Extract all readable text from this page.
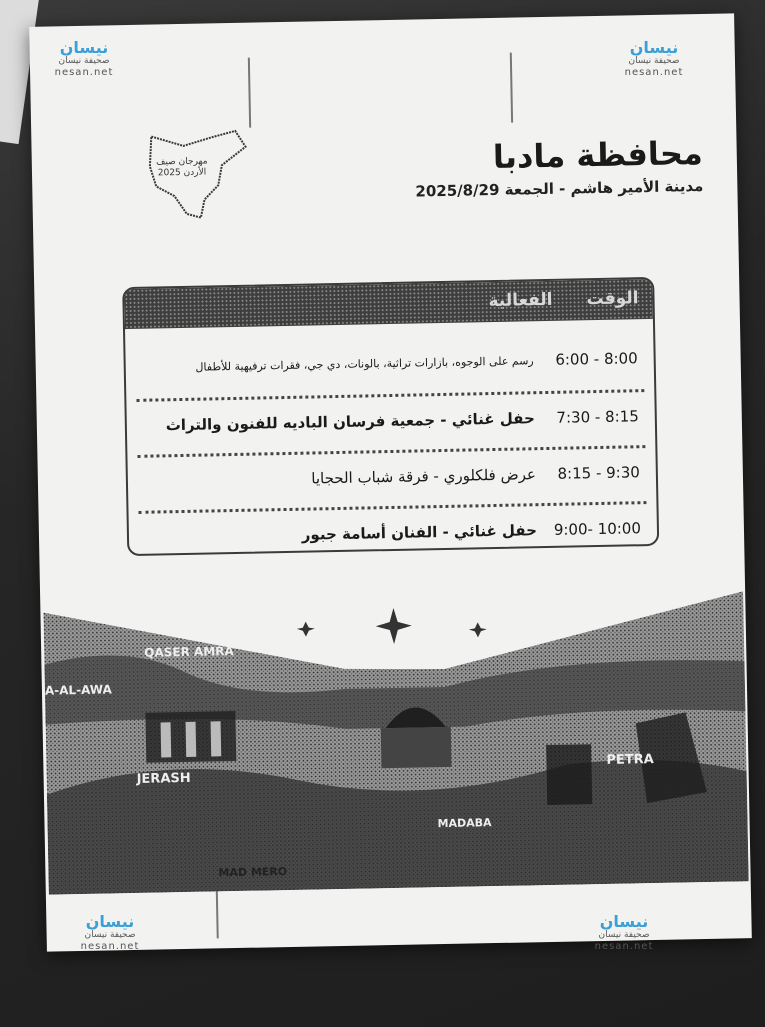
مهرجان صيف الأردن 2025	محافظة مادبا
مدينة الأمير هاشم - الجمعة 2025/8/29
الوقت
الفعالية
6:00 - 8:00
رسم على الوجوه، بازارات تراثية، بالونات، دي جي، فقرات ترفيهية للأطفال
7:30 - 8:15
حفل غنائي - جمعية فرسان الباديه للفنون والتراث
8:15 - 9:30
عرض فلكلوري - فرقة شباب الحجايا
9:00- 10:00
حفل غنائي - الفنان أسامة جبور
QASER AMRA
A-AL-AWA
JERASH
PETRA
MADABA
MAD MERO
نيسان
صحيفة نيسان
nesan.net
نيسان
صحيفة نيسان
nesan.net
نيسان
صحيفة نيسان
nesan.net
نيسان
صحيفة نيسان
nesan.net
